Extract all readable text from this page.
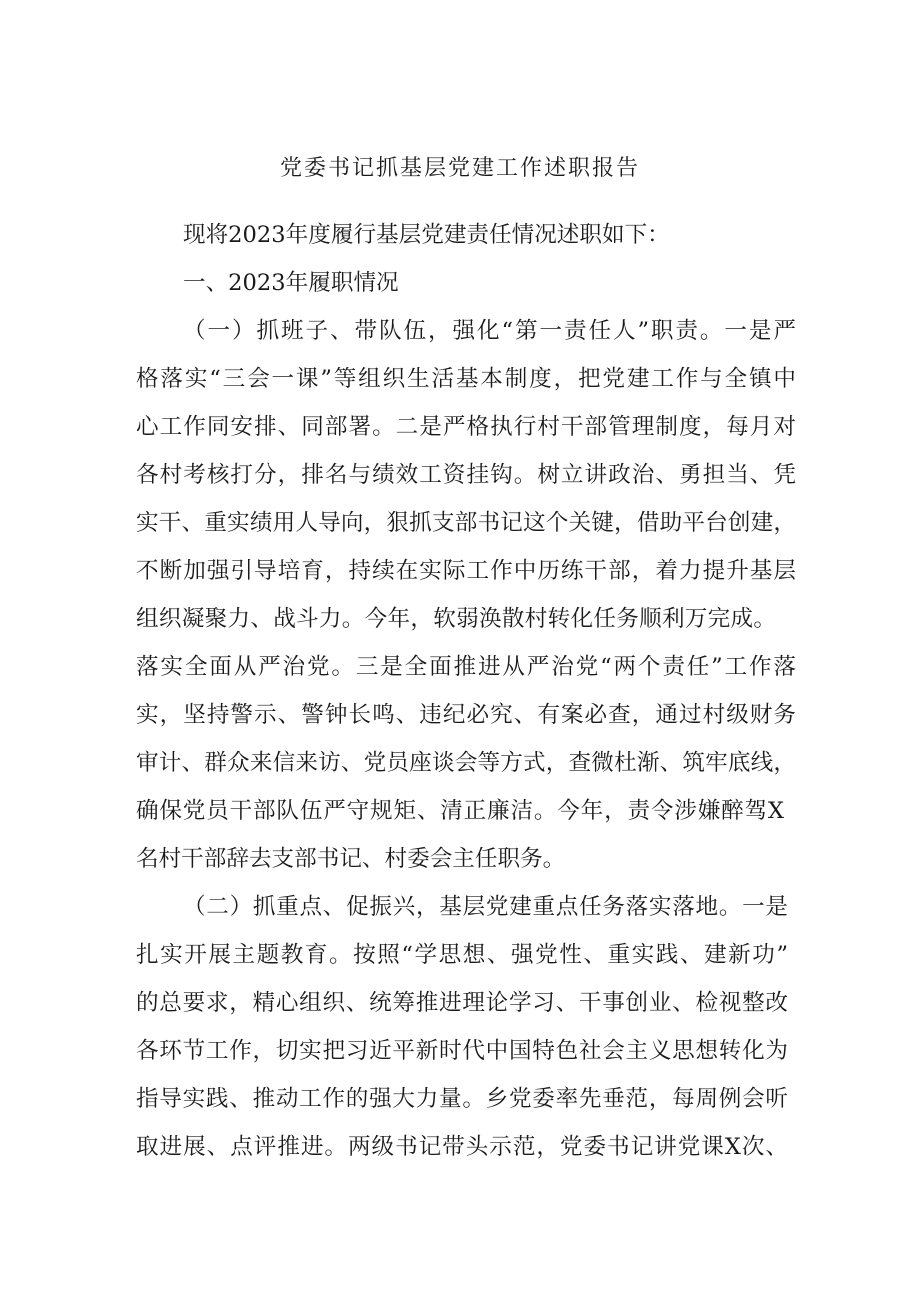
党委书记抓基层党建工作述职报告

现将2023年度履行基层党建责任情况述职如下：

一、2023年履职情况

（一）抓班子、带队伍，强化“第一责任人”职责。一是严

格落实“三会一课”等组织生活基本制度，把党建工作与全镇中

心工作同安排、同部署。二是严格执行村干部管理制度，每月对

各村考核打分，排名与绩效工资挂钩。树立讲政治、勇担当、凭

实干、重实绩用人导向，狠抓支部书记这个关键，借助平台创建，

不断加强引导培育，持续在实际工作中历练干部，着力提升基层

组织凝聚力、战斗力。今年，软弱涣散村转化任务顺利万完成。

落实全面从严治党。三是全面推进从严治党“两个责任”工作落

实，坚持警示、警钟长鸣、违纪必究、有案必查，通过村级财务

审计、群众来信来访、党员座谈会等方式，查微杜渐、筑牢底线，

确保党员干部队伍严守规矩、清正廉洁。今年，责令涉嫌醉驾X

名村干部辞去支部书记、村委会主任职务。

（二）抓重点、促振兴，基层党建重点任务落实落地。一是

扎实开展主题教育。按照“学思想、强党性、重实践、建新功”

的总要求，精心组织、统筹推进理论学习、干事创业、检视整改

各环节工作，切实把习近平新时代中国特色社会主义思想转化为

指导实践、推动工作的强大力量。乡党委率先垂范，每周例会听

取进展、点评推进。两级书记带头示范，党委书记讲党课X次、
